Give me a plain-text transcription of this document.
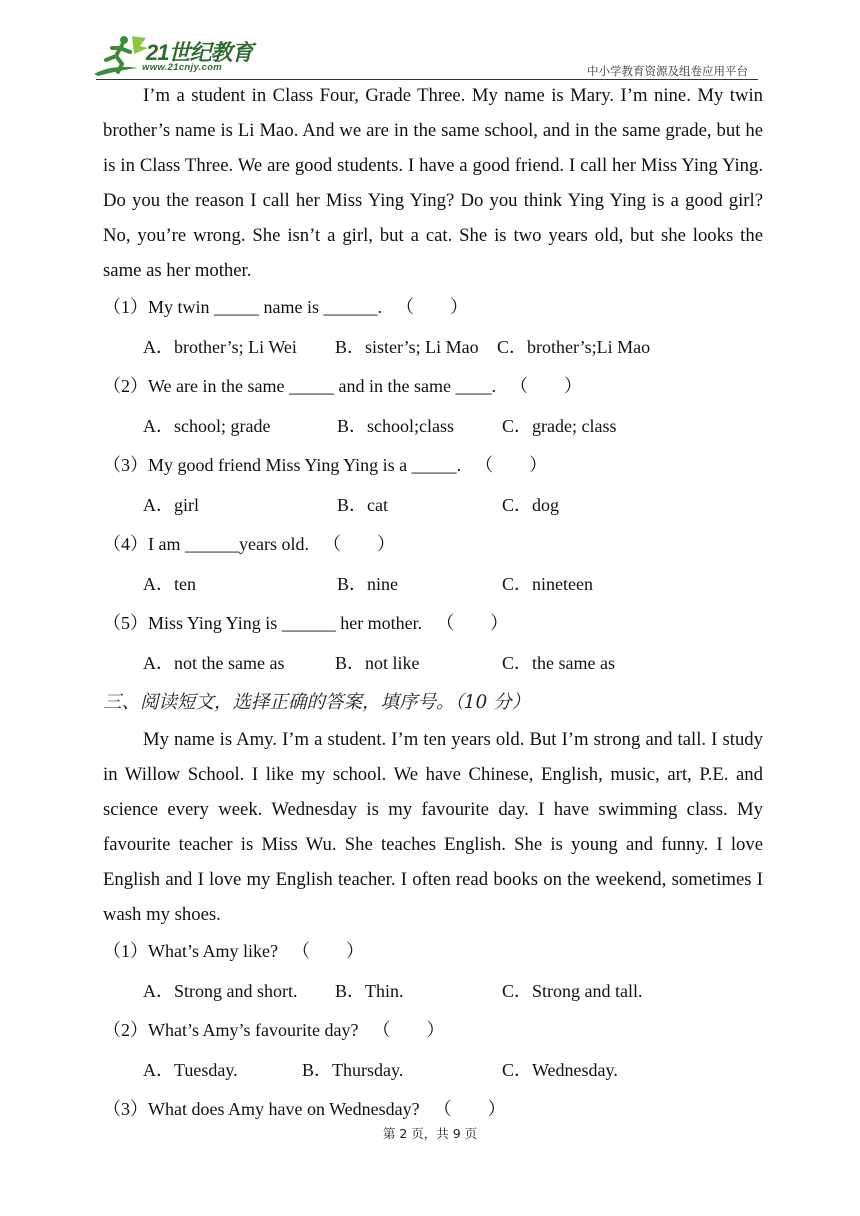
21世纪教育
www.21cnjy.com	中小学教育资源及组卷应用平台

I’m a student in Class Four, Grade Three. My name is Mary. I’m nine. My twin brother’s name is Li Mao. And we are in the same school, and in the same grade, but he is in Class Three. We are good students. I have a good friend. I call her Miss Ying Ying. Do you the reason I call her Miss Ying Ying? Do you think Ying Ying is a good girl? No, you’re wrong. She isn’t a girl, but a cat. She is two years old, but she looks the same as her mother.

（1）My twin _____ name is ______. （　　）

A．brother’s; Li Wei B．sister’s; Li Mao C．brother’s;Li Mao

（2）We are in the same _____ and in the same ____. （　　）

A．school; grade	B．school;class	C．grade; class

（3）My good friend Miss Ying Ying is a _____. （　　）

A．girl	B．cat	C．dog

（4）I am ______years old. （　　）

A．ten	B．nine	C．nineteen

（5）Miss Ying Ying is ______ her mother. （　　）

A．not the same as	B．not like	C．the same as

三、阅读短文，选择正确的答案，填序号。（10 分）

My name is Amy. I’m a student. I’m ten years old. But I’m strong and tall. I study in Willow School. I like my school. We have Chinese, English, music, art, P.E. and science every week. Wednesday is my favourite day. I have swimming class. My favourite teacher is Miss Wu. She teaches English. She is young and funny. I love English and I love my English teacher. I often read books on the weekend, sometimes I wash my shoes.

（1）What’s Amy like? （　　）

A．Strong and short. B．Thin.	C．Strong and tall.

（2）What’s Amy’s favourite day? （　　）

A．Tuesday.	B．Thursday.	C．Wednesday.

（3）What does Amy have on Wednesday? （　　）

第 2 页，共 9 页
